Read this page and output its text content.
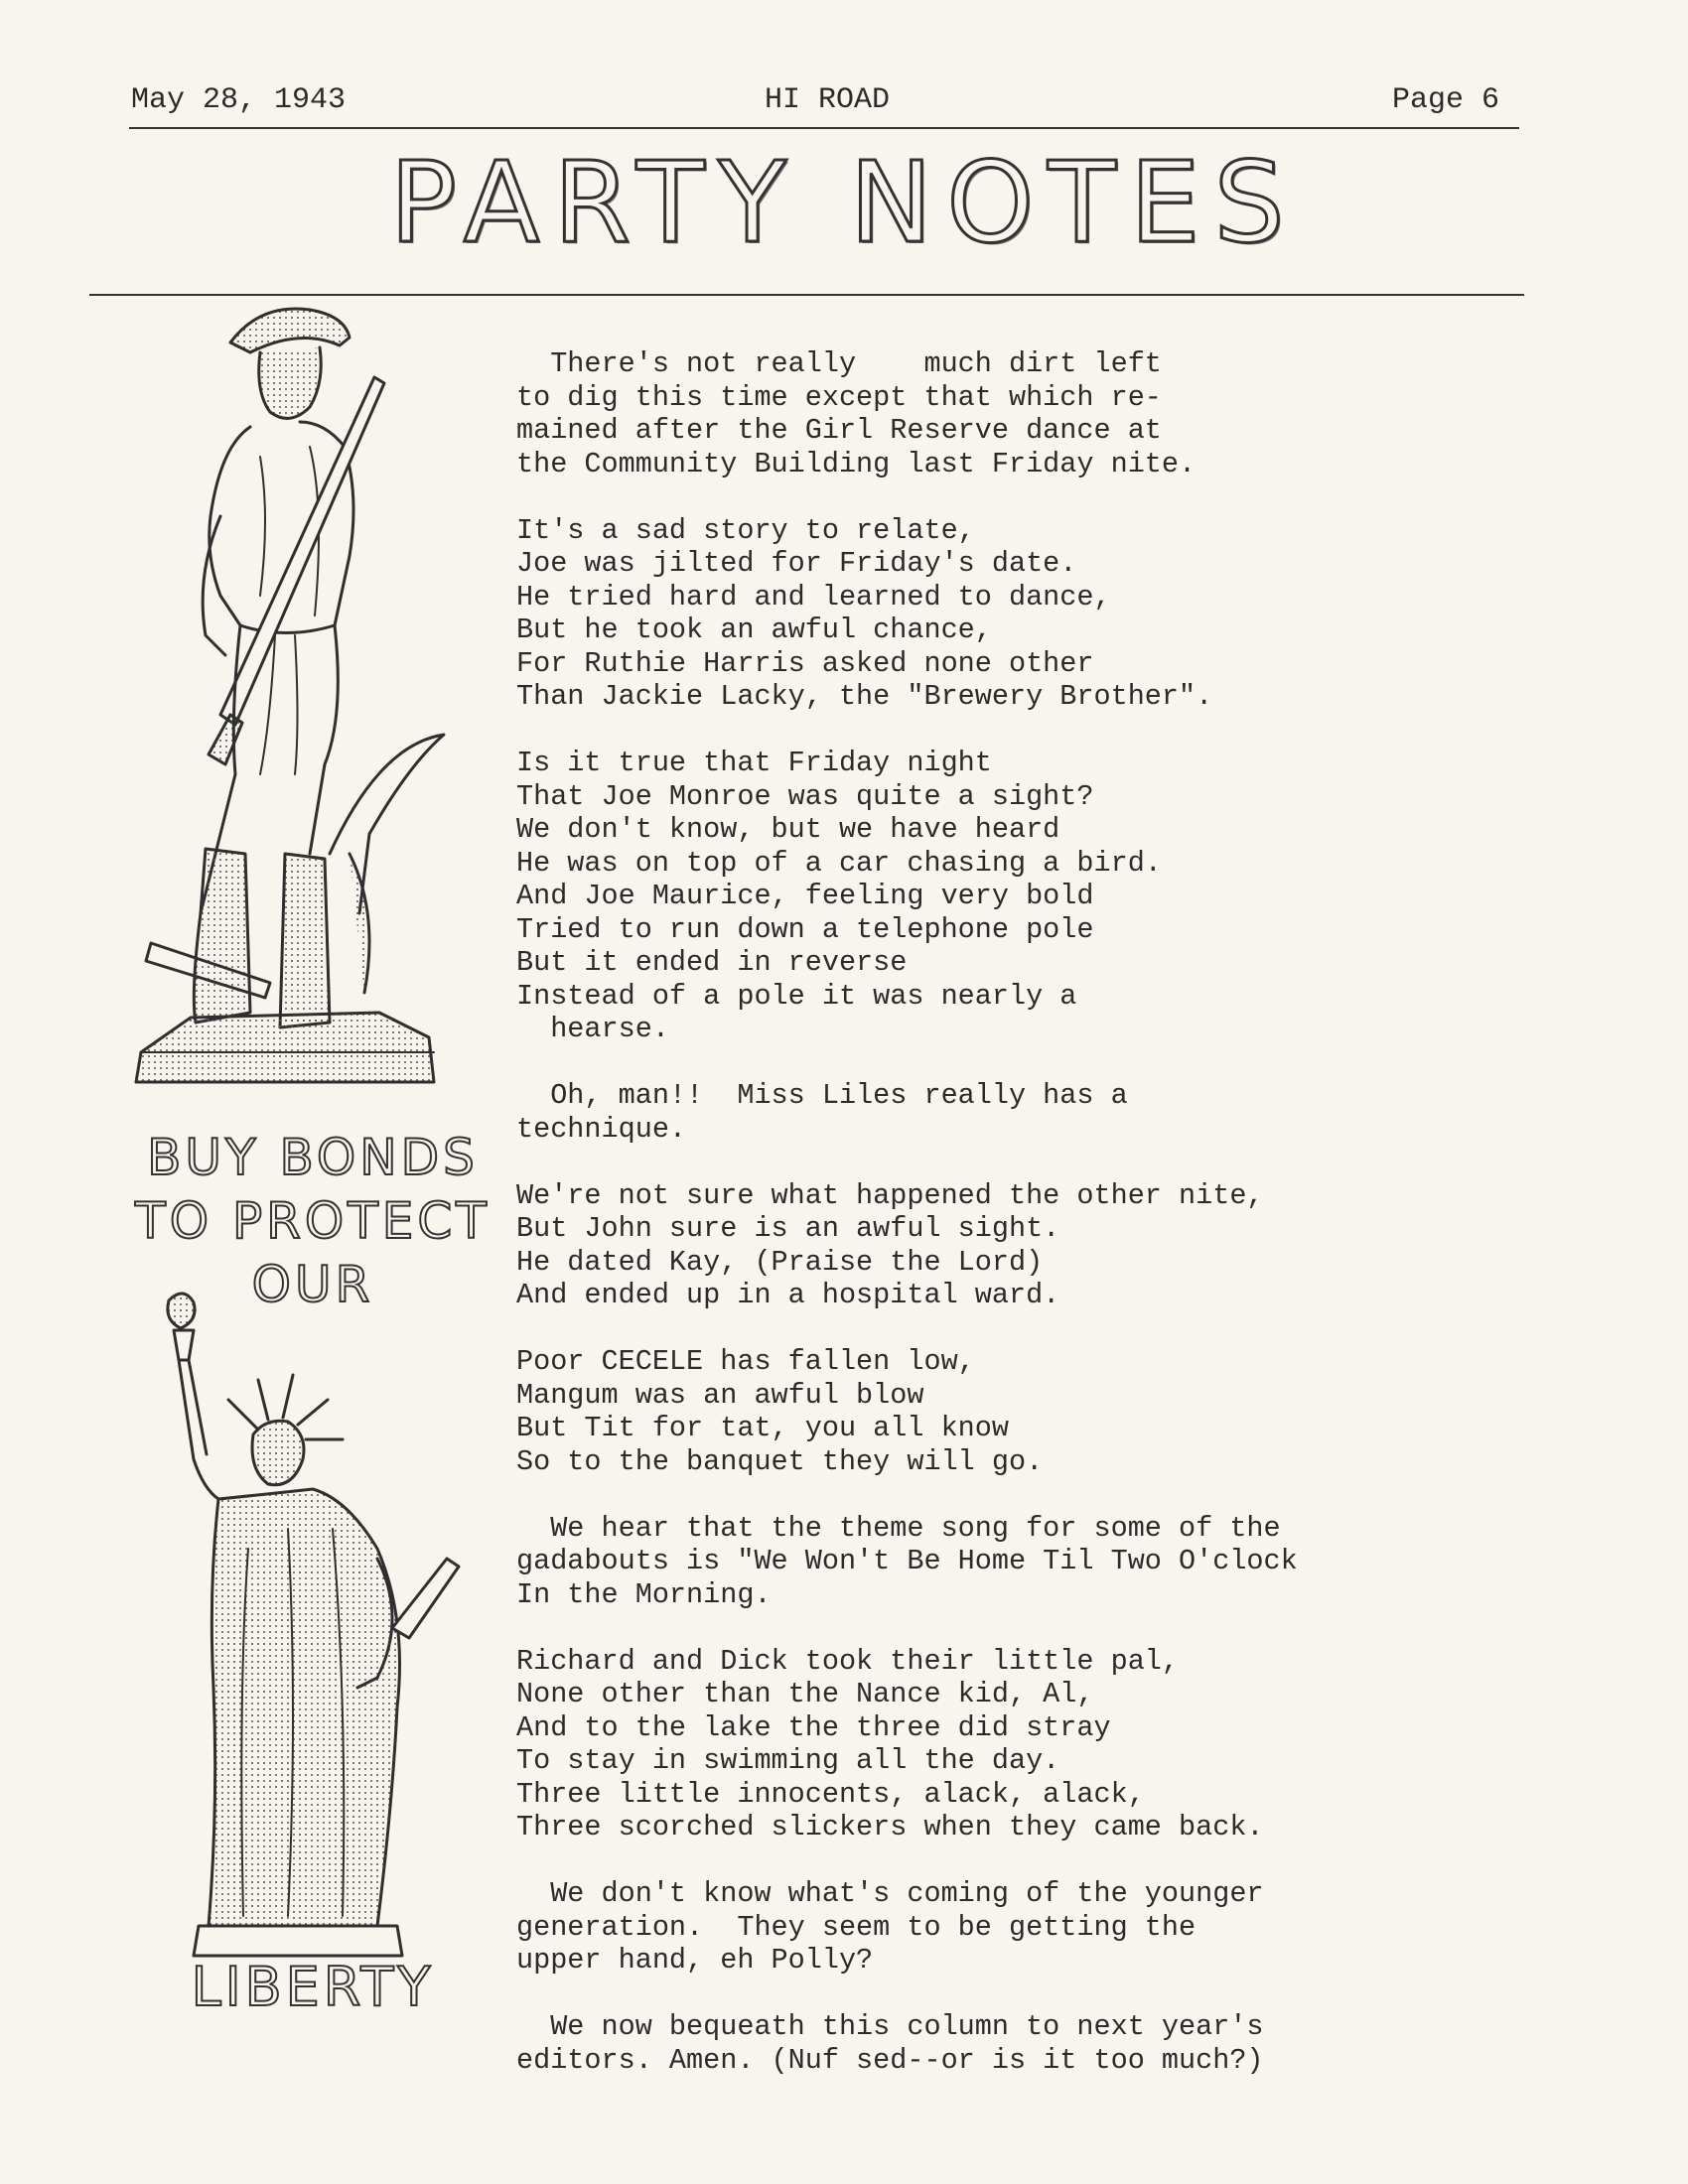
May 28, 1943	HI ROAD	Page 6
PARTY NOTES
BUY BONDS
TO PROTECT
OUR
LIBERTY

There's not really    much dirt left
to dig this time except that which re-
mained after the Girl Reserve dance at
the Community Building last Friday nite.

It's a sad story to relate,
Joe was jilted for Friday's date.
He tried hard and learned to dance,
But he took an awful chance,
For Ruthie Harris asked none other
Than Jackie Lacky, the "Brewery Brother".

Is it true that Friday night
That Joe Monroe was quite a sight?
We don't know, but we have heard
He was on top of a car chasing a bird.
And Joe Maurice, feeling very bold
Tried to run down a telephone pole
But it ended in reverse
Instead of a pole it was nearly a
hearse.

Oh, man!!  Miss Liles really has a
technique.

We're not sure what happened the other nite,
But John sure is an awful sight.
He dated Kay, (Praise the Lord)
And ended up in a hospital ward.

Poor CECELE has fallen low,
Mangum was an awful blow
But Tit for tat, you all know
So to the banquet they will go.

We hear that the theme song for some of the
gadabouts is "We Won't Be Home Til Two O'clock
In the Morning.

Richard and Dick took their little pal,
None other than the Nance kid, Al,
And to the lake the three did stray
To stay in swimming all the day.
Three little innocents, alack, alack,
Three scorched slickers when they came back.

We don't know what's coming of the younger
generation.  They seem to be getting the
upper hand, eh Polly?

We now bequeath this column to next year's
editors. Amen. (Nuf sed--or is it too much?)
